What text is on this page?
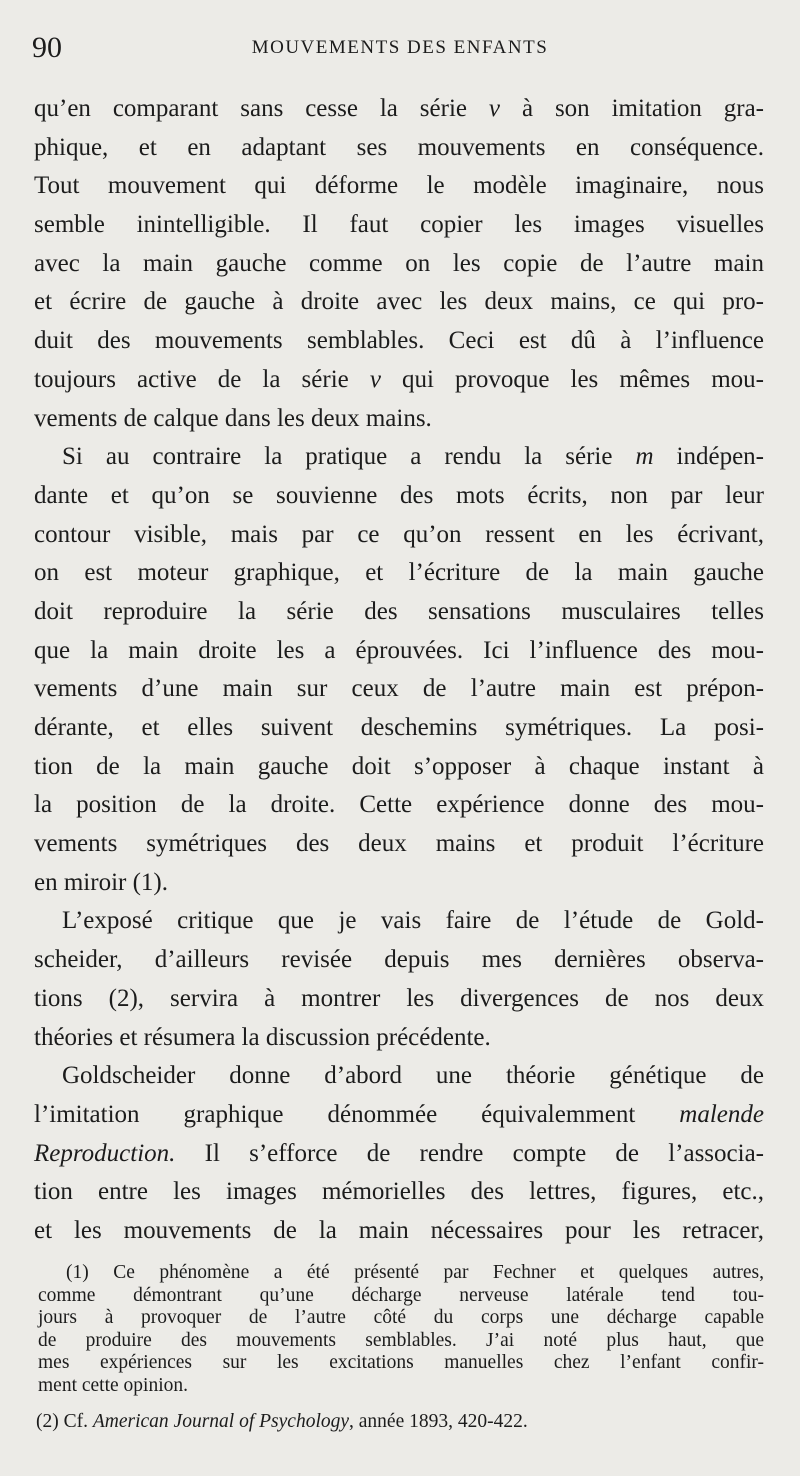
90	MOUVEMENTS DES ENFANTS
qu’en comparant sans cesse la série v à son imitation gra-
phique, et en adaptant ses mouvements en conséquence.
Tout mouvement qui déforme le modèle imaginaire, nous
semble inintelligible. Il faut copier les images visuelles
avec la main gauche comme on les copie de l’autre main
et écrire de gauche à droite avec les deux mains, ce qui pro-
duit des mouvements semblables. Ceci est dû à l’influence
toujours active de la série v qui provoque les mêmes mou-
vements de calque dans les deux mains.
Si au contraire la pratique a rendu la série m indépen-
dante et qu’on se souvienne des mots écrits, non par leur
contour visible, mais par ce qu’on ressent en les écrivant,
on est moteur graphique, et l’écriture de la main gauche
doit reproduire la série des sensations musculaires telles
que la main droite les a éprouvées. Ici l’influence des mou-
vements d’une main sur ceux de l’autre main est prépon-
dérante, et elles suivent deschemins symétriques. La posi-
tion de la main gauche doit s’opposer à chaque instant à
la position de la droite. Cette expérience donne des mou-
vements symétriques des deux mains et produit l’écriture
en miroir (1).
L’exposé critique que je vais faire de l’étude de Gold-
scheider, d’ailleurs revisée depuis mes dernières observa-
tions (2), servira à montrer les divergences de nos deux
théories et résumera la discussion précédente.
Goldscheider donne d’abord une théorie génétique de
l’imitation graphique dénommée équivalemment malende
Reproduction. Il s’efforce de rendre compte de l’associa-
tion entre les images mémorielles des lettres, figures, etc.,
et les mouvements de la main nécessaires pour les retracer,
(1) Ce phénomène a été présenté par Fechner et quelques autres,
comme démontrant qu’une décharge nerveuse latérale tend tou-
jours à provoquer de l’autre côté du corps une décharge capable
de produire des mouvements semblables. J’ai noté plus haut, que
mes expériences sur les excitations manuelles chez l’enfant confir-
ment cette opinion.
(2) Cf. American Journal of Psychology, année 1893, 420-422.
